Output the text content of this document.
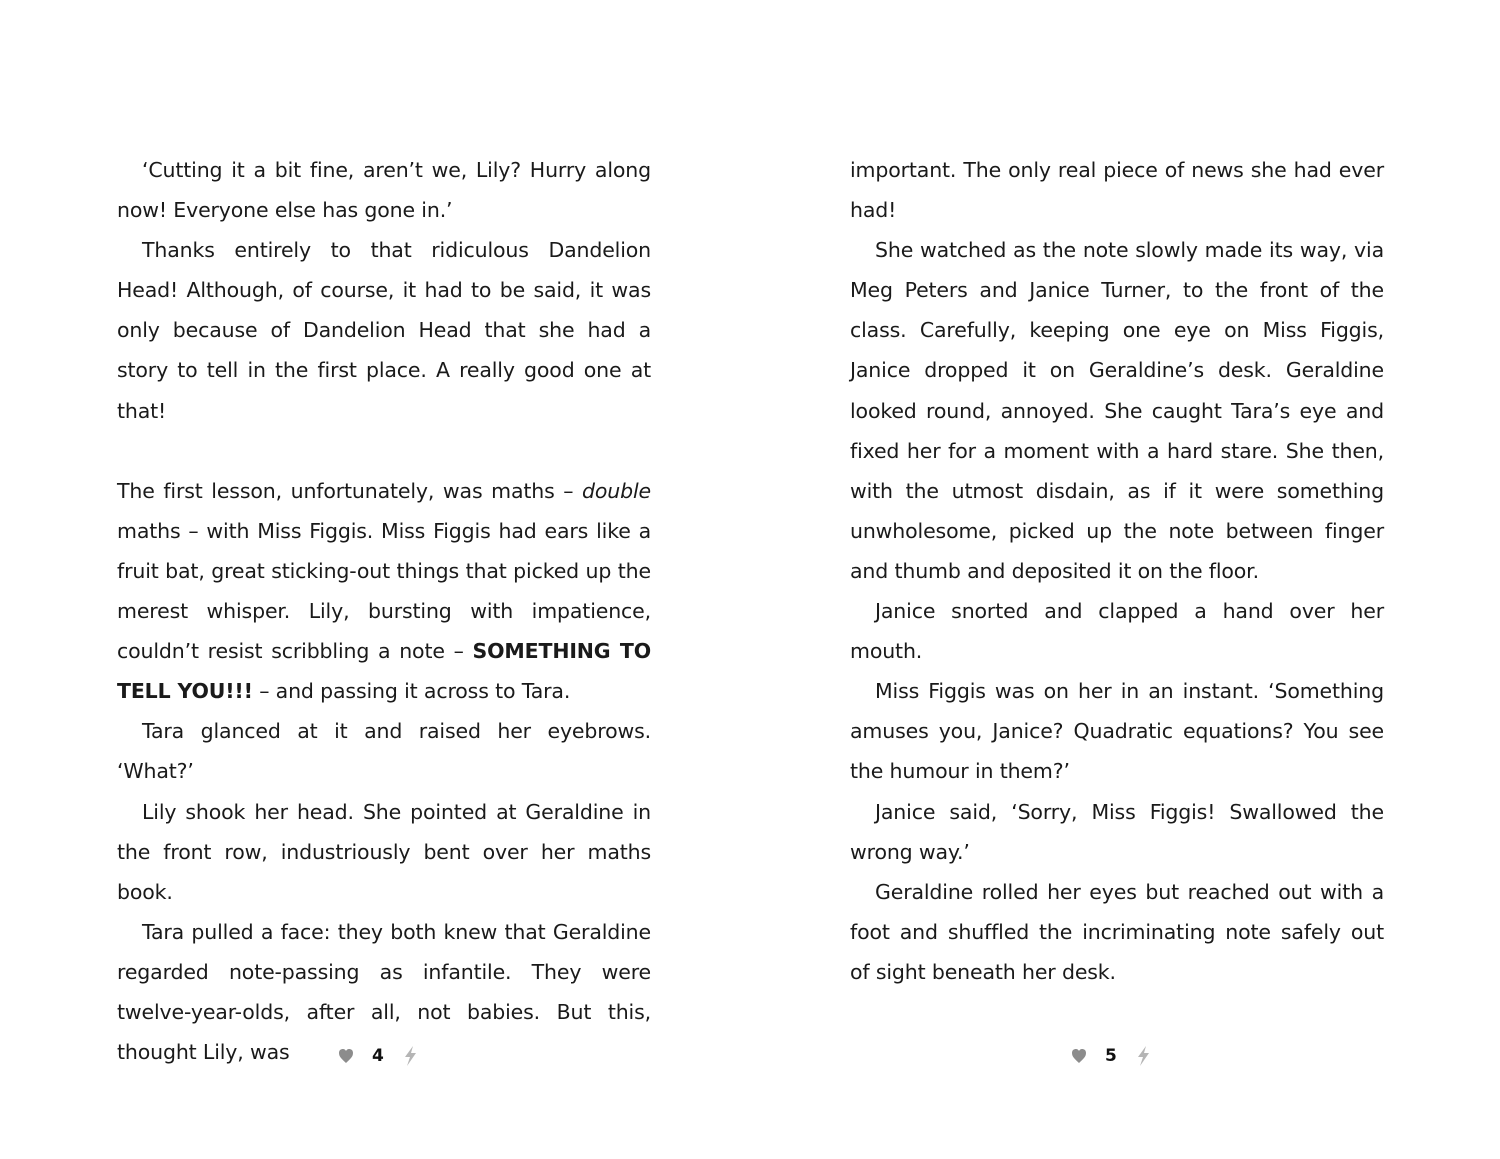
‘Cutting it a bit fine, aren’t we, Lily? Hurry along now! Everyone else has gone in.’

Thanks entirely to that ridiculous Dandelion Head! Although, of course, it had to be said, it was only because of Dandelion Head that she had a story to tell in the first place. A really good one at that!

The first lesson, unfortunately, was maths – double maths – with Miss Figgis. Miss Figgis had ears like a fruit bat, great sticking-out things that picked up the merest whisper. Lily, bursting with impatience, couldn’t resist scribbling a note – SOMETHING TO TELL YOU!!! – and passing it across to Tara.

Tara glanced at it and raised her eyebrows. ‘What?’

Lily shook her head. She pointed at Geraldine in the front row, industriously bent over her maths book.

Tara pulled a face: they both knew that Geraldine regarded note-passing as infantile. They were twelve-year-olds, after all, not babies. But this, thought Lily, was

important. The only real piece of news she had ever had!

She watched as the note slowly made its way, via Meg Peters and Janice Turner, to the front of the class. Carefully, keeping one eye on Miss Figgis, Janice dropped it on Geraldine’s desk. Geraldine looked round, annoyed. She caught Tara’s eye and fixed her for a moment with a hard stare. She then, with the utmost disdain, as if it were something unwholesome, picked up the note between finger and thumb and deposited it on the floor.

Janice snorted and clapped a hand over her mouth.

Miss Figgis was on her in an instant. ‘Something amuses you, Janice? Quadratic equations? You see the humour in them?’

Janice said, ‘Sorry, Miss Figgis! Swallowed the wrong way.’

Geraldine rolled her eyes but reached out with a foot and shuffled the incriminating note safely out of sight beneath her desk.

4	5
